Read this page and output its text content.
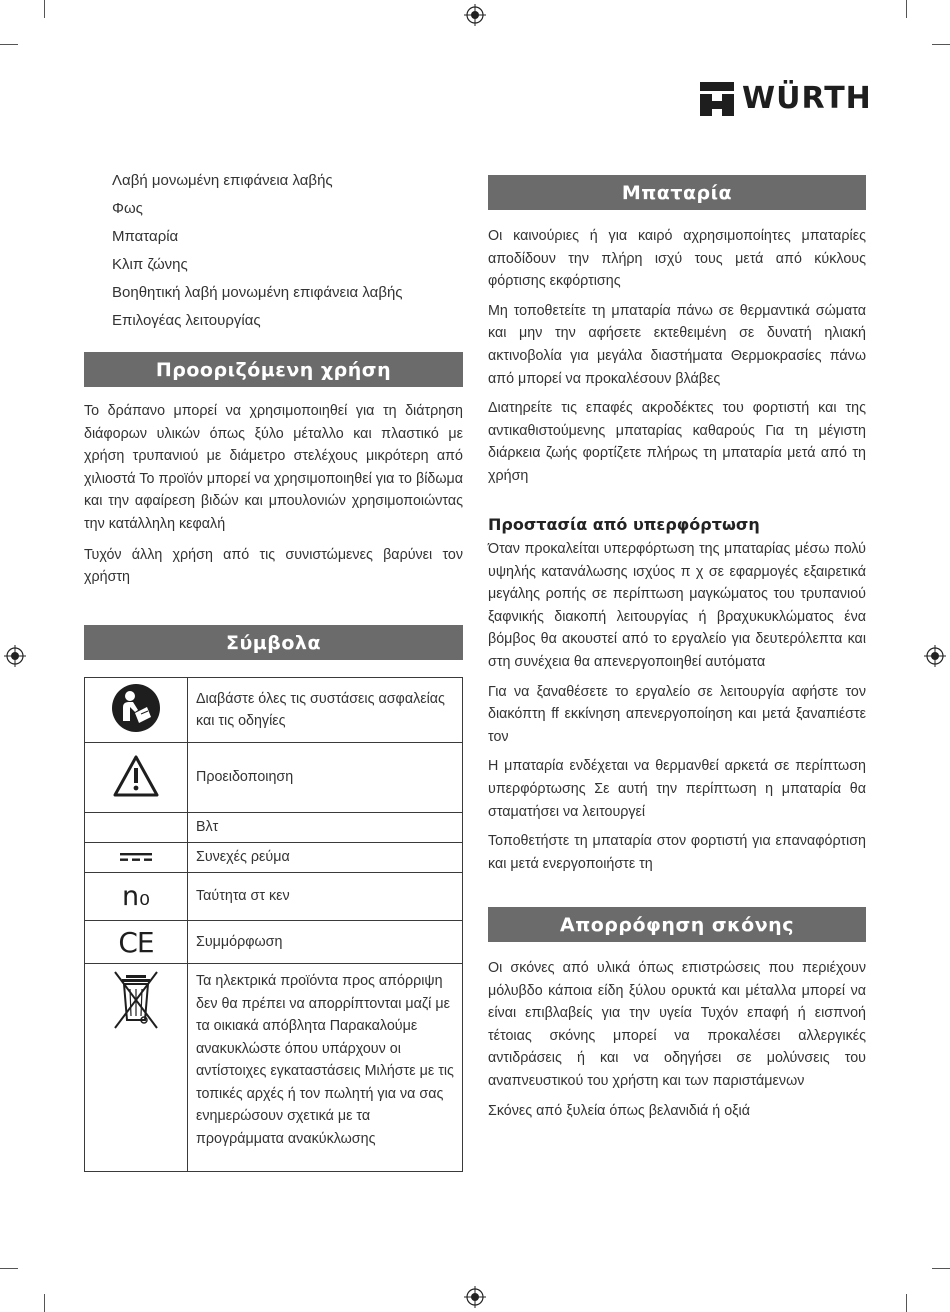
WÜRTH
Λαβή μονωμένη επιφάνεια λαβής
Φως
Μπαταρία
Κλιπ ζώνης
Βοηθητική λαβή μονωμένη επιφάνεια λαβής
Επιλογέας λειτουργίας
Προοριζόμενη χρήση

Το δράπανο μπορεί να χρησιμοποιηθεί για τη διάτρηση διάφορων υλικών όπως ξύλο μέταλλο και πλαστικό με χρήση τρυπανιού με διάμετρο στελέχους μικρότερη από χιλιοστά Το προϊόν μπορεί να χρησιμοποιηθεί για το βίδωμα και την αφαίρεση βιδών και μπουλονιών χρησιμοποιώντας την κατάλληλη κεφαλή

Τυχόν άλλη χρήση από τις συνιστώμενες βαρύνει τον χρήστη

Σύμβολα
	Διαβάστε όλες τις συστάσεις ασφαλείας και τις οδηγίες
	Προειδοποιηση
	Βλτ
	Συνεχές ρεύμα
n₀	Ταύτητα στ κεν
CE	Συμμόρφωση
	Τα ηλεκτρικά προϊόντα προς απόρριψη δεν θα πρέπει να απορρίπτονται μαζί με τα οικιακά απόβλητα Παρακαλούμε ανακυκλώστε όπου υπάρχουν οι αντίστοιχες εγκαταστάσεις Μιλήστε με τις τοπικές αρχές ή τον πωλητή για να σας ενημερώσουν σχετικά με τα προγράμματα ανακύκλωσης
Μπαταρία

Οι καινούριες ή για καιρό αχρησιμοποίητες μπαταρίες αποδίδουν την πλήρη ισχύ τους μετά από κύκλους φόρτισης εκφόρτισης

Μη τοποθετείτε τη μπαταρία πάνω σε θερμαντικά σώματα και μην την αφήσετε εκτεθειμένη σε δυνατή ηλιακή ακτινοβολία για μεγάλα διαστήματα Θερμοκρασίες πάνω από μπορεί να προκαλέσουν βλάβες

Διατηρείτε τις επαφές ακροδέκτες του φορτιστή και της αντικαθιστούμενης μπαταρίας καθαρούς Για τη μέγιστη διάρκεια ζωής φορτίζετε πλήρως τη μπαταρία μετά από τη χρήση

Προστασία από υπερφόρτωση

Όταν προκαλείται υπερφόρτωση της μπαταρίας μέσω πολύ υψηλής κατανάλωσης ισχύος π χ σε εφαρμογές εξαιρετικά μεγάλης ροπής σε περίπτωση μαγκώματος του τρυπανιού ξαφνικής διακοπή λειτουργίας ή βραχυκυκλώματος ένα βόμβος θα ακουστεί από το εργαλείο για δευτερόλεπτα και στη συνέχεια θα απενεργοποιηθεί αυτόματα

Για να ξαναθέσετε το εργαλείο σε λειτουργία αφήστε τον διακόπτη ff εκκίνηση απενεργοποίηση και μετά ξαναπιέστε τον

Η μπαταρία ενδέχεται να θερμανθεί αρκετά σε περίπτωση υπερφόρτωσης Σε αυτή την περίπτωση η μπαταρία θα σταματήσει να λειτουργεί

Τοποθετήστε τη μπαταρία στον φορτιστή για επαναφόρτιση και μετά ενεργοποιήστε τη

Απορρόφηση σκόνης

Οι σκόνες από υλικά όπως επιστρώσεις που περιέχουν μόλυβδο κάποια είδη ξύλου ορυκτά και μέταλλα μπορεί να είναι επιβλαβείς για την υγεία Τυχόν επαφή ή εισπνοή τέτοιας σκόνης μπορεί να προκαλέσει αλλεργικές αντιδράσεις ή και να οδηγήσει σε μολύνσεις του αναπνευστικού του χρήστη και των παριστάμενων

Σκόνες από ξυλεία όπως βελανιδιά ή οξιά
